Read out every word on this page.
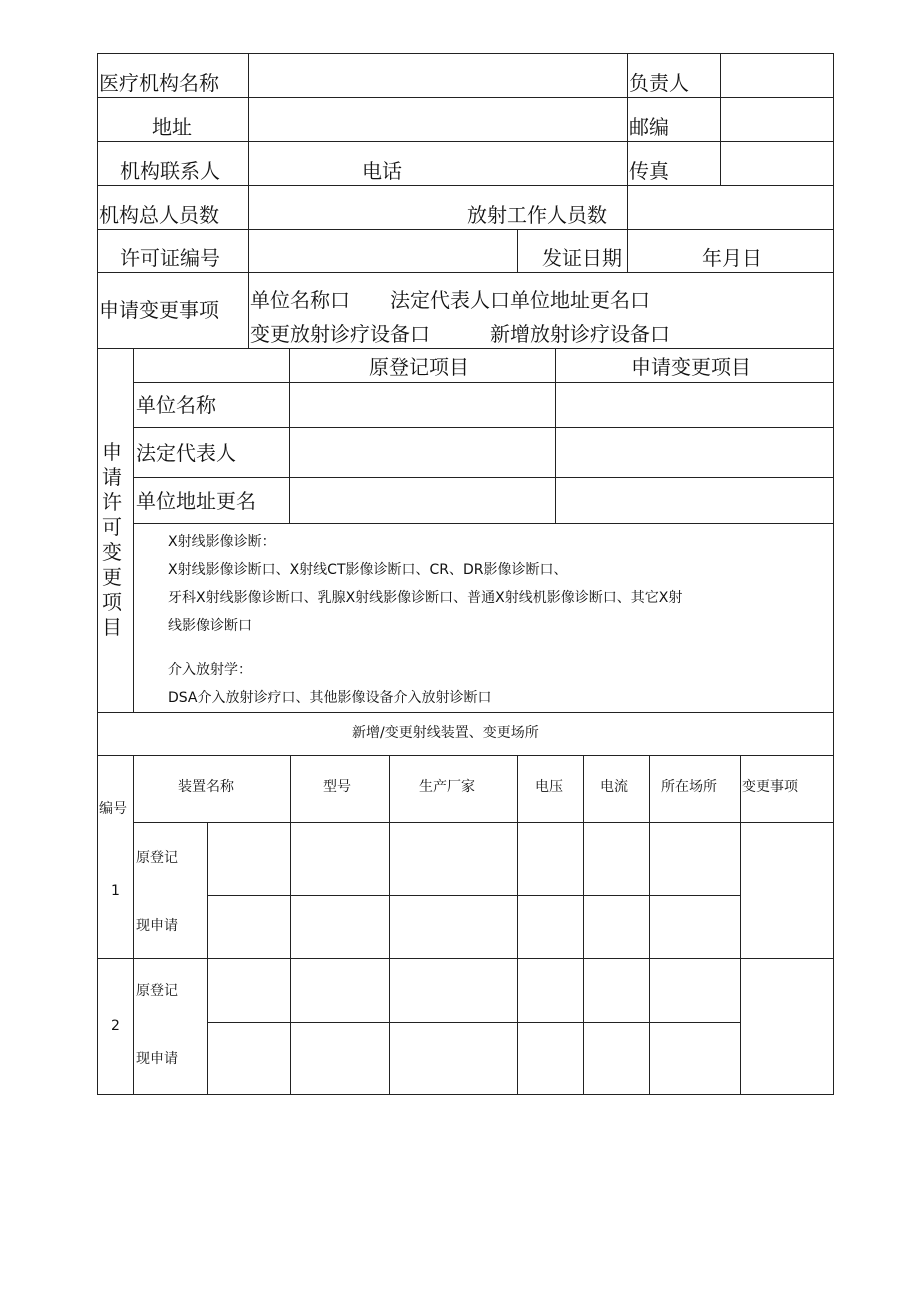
医疗机构名称	负责人
地址	邮编
机构联系人	电话	传真
机构总人员数	放射工作人员数
许可证编号	发证日期	年月日
申请变更事项 单位名称口　　法定代表人口单位地址更名口
变更放射诊疗设备口　　　新增放射诊疗设备口
申请许可变更项目
原登记项目	申请变更项目
单位名称
法定代表人
单位地址更名
X射线影像诊断：
X射线影像诊断口、X射线CT影像诊断口、CR、DR影像诊断口、
牙科X射线影像诊断口、乳腺X射线影像诊断口、普通X射线机影像诊断口、其它X射
线影像诊断口
介入放射学：
DSA介入放射诊疗口、其他影像设备介入放射诊断口
新增/变更射线装置、变更场所
编号
装置名称	型号	生产厂家	电压	电流 所在场所 变更事项
1
原登记
现申请
2
原登记
现申请
